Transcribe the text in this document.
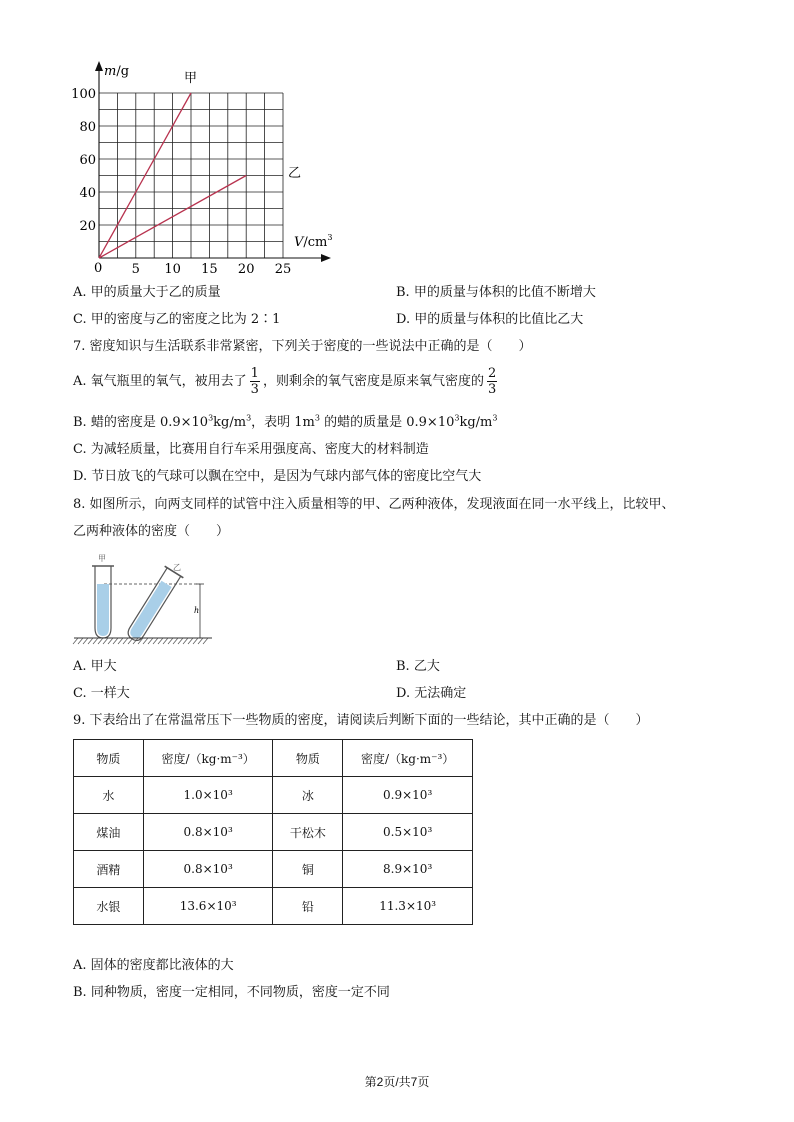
5 10 15 20 25
20
40
60
80
100
m/g
$V/cm^3$
甲
乙
0
A. 甲的质量大于乙的质量	B. 甲的质量与体积的比值不断增大
C. 甲的密度与乙的密度之比为 2∶1	D. 甲的质量与体积的比值比乙大
7. 密度知识与生活联系非常紧密，下列关于密度的一些说法中正确的是（　　）
A. 氧气瓶里的氧气，被用去了 $\frac{1}{3}$ ，则剩余的氧气密度是原来氧气密度的 $\frac{2}{3}$
B. 蜡的密度是 $0.9\times 10^3kg/m^3$，表明 $1m^3$ 的蜡的质量是 $0.9\times 10^3kg/m^3$
C. 为减轻质量，比赛用自行车采用强度高、密度大的材料制造
D. 节日放飞的气球可以飘在空中，是因为气球内部气体的密度比空气大
8. 如图所示，向两支同样的试管中注入质量相等的甲、乙两种液体，发现液面在同一水平线上，比较甲、
乙两种液体的密度（　　）
甲
乙
h
A. 甲大	B. 乙大
C. 一样大	D. 无法确定
9. 下表给出了在常温常压下一些物质的密度，请阅读后判断下面的一些结论，其中正确的是（　　）
物质	密度/（kg·m⁻³）	物质	密度/（kg·m⁻³）
水	1.0×10³	冰	0.9×10³
煤油	0.8×10³	干松木	0.5×10³
酒精	0.8×10³	铜	8.9×10³
水银	13.6×10³	铅	11.3×10³
A. 固体的密度都比液体的大
B. 同种物质，密度一定相同，不同物质，密度一定不同
第2页/共7页
